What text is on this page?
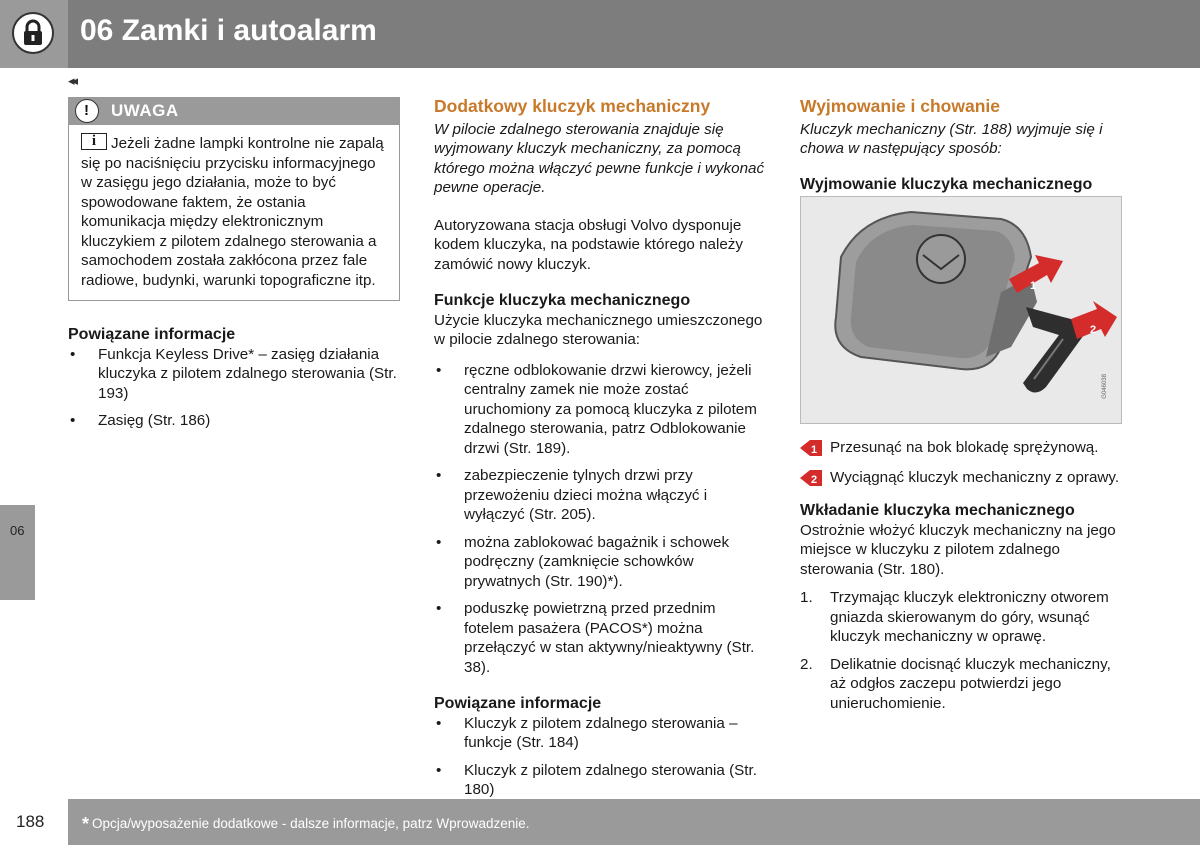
06 Zamki i autoalarm
◂◂
06
!
UWAGA
iJeżeli żadne lampki kontrolne nie zapalą się po naciśnięciu przycisku informacyjnego w zasięgu jego działania, może to być spowodowane faktem, że ostania komunikacja między elektronicznym kluczykiem z pilotem zdalnego sterowania a samochodem została zakłócona przez fale radiowe, budynki, warunki topograficzne itp.
Powiązane informacje
• Funkcja Keyless Drive* – zasięg działania kluczyka z pilotem zdalnego sterowania (Str. 193)
• Zasięg (Str. 186)
Dodatkowy kluczyk mechaniczny

W pilocie zdalnego sterowania znajduje się wyjmowany kluczyk mechaniczny, za pomocą którego można włączyć pewne funkcje i wykonać pewne operacje.

Autoryzowana stacja obsługi Volvo dysponuje kodem kluczyka, na podstawie którego należy zamówić nowy kluczyk.

Funkcje kluczyka mechanicznego

Użycie kluczyka mechanicznego umieszczonego w pilocie zdalnego sterowania:

• ręczne odblokowanie drzwi kierowcy, jeżeli centralny zamek nie może zostać uruchomiony za pomocą kluczyka z pilotem zdalnego sterowania, patrz Odblokowanie drzwi (Str. 189).
• zabezpieczenie tylnych drzwi przy przewożeniu dzieci można włączyć i wyłączyć (Str. 205).
• można zablokować bagażnik i schowek podręczny (zamknięcie schowków prywatnych (Str. 190)*).
• poduszkę powietrzną przed przednim fotelem pasażera (PACOS*) można przełączyć w stan aktywny/nieaktywny (Str. 38).
Powiązane informacje
• Kluczyk z pilotem zdalnego sterowania – funkcje (Str. 184)
• Kluczyk z pilotem zdalnego sterowania (Str. 180)
Wyjmowanie i chowanie

Kluczyk mechaniczny (Str. 188) wyjmuje się i chowa w następujący sposób:

Wyjmowanie kluczyka mechanicznego
1
2
G046038
1 Przesunąć na bok blokadę sprężynową.
2 Wyciągnąć kluczyk mechaniczny z oprawy.
Wkładanie kluczyka mechanicznego

Ostrożnie włożyć kluczyk mechaniczny na jego miejsce w kluczyku z pilotem zdalnego sterowania (Str. 180).

1. Trzymając kluczyk elektroniczny otworem gniazda skierowanym do góry, wsunąć kluczyk mechaniczny w oprawę.
2. Delikatnie docisnąć kluczyk mechaniczny, aż odgłos zaczepu potwierdzi jego unieruchomienie.
188 * Opcja/wyposażenie dodatkowe - dalsze informacje, patrz Wprowadzenie.
